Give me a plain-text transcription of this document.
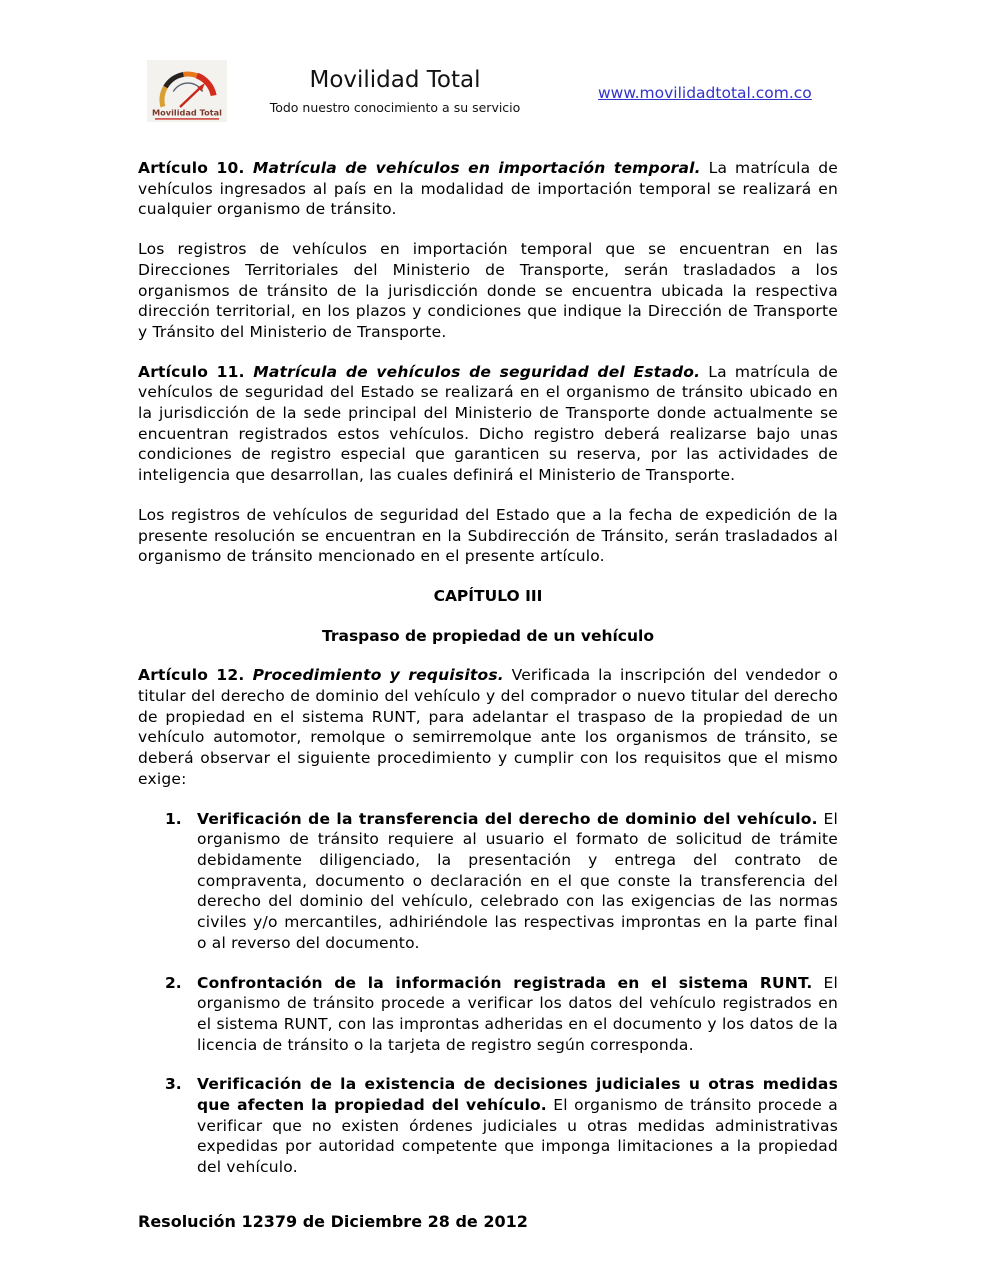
Movilidad Total
Movilidad Total
Todo nuestro conocimiento a su servicio
www.movilidadtotal.com.co

Artículo 10. Matrícula de vehículos en importación temporal. La matrícula de vehículos ingresados al país en la modalidad de importación temporal se realizará en cualquier organismo de tránsito.

Los registros de vehículos en importación temporal que se encuentran en las Direcciones Territoriales del Ministerio de Transporte, serán trasladados a los organismos de tránsito de la jurisdicción donde se encuentra ubicada la respectiva dirección territorial, en los plazos y condiciones que indique la Dirección de Transporte y Tránsito del Ministerio de Transporte.

Artículo 11. Matrícula de vehículos de seguridad del Estado. La matrícula de vehículos de seguridad del Estado se realizará en el organismo de tránsito ubicado en la jurisdicción de la sede principal del Ministerio de Transporte donde actualmente se encuentran registrados estos vehículos. Dicho registro deberá realizarse bajo unas condiciones de registro especial que garanticen su reserva, por las actividades de inteligencia que desarrollan, las cuales definirá el Ministerio de Transporte.

Los registros de vehículos de seguridad del Estado que a la fecha de expedición de la presente resolución se encuentran en la Subdirección de Tránsito, serán trasladados al organismo de tránsito mencionado en el presente artículo.

CAPÍTULO III
Traspaso de propiedad de un vehículo

Artículo 12. Procedimiento y requisitos. Verificada la inscripción del vendedor o titular del derecho de dominio del vehículo y del comprador o nuevo titular del derecho de propiedad en el sistema RUNT, para adelantar el traspaso de la propiedad de un vehículo automotor, remolque o semirremolque ante los organismos de tránsito, se deberá observar el siguiente procedimiento y cumplir con los requisitos que el mismo exige:

1. Verificación de la transferencia del derecho de dominio del vehículo. El organismo de tránsito requiere al usuario el formato de solicitud de trámite debidamente diligenciado, la presentación y entrega del contrato de compraventa, documento o declaración en el que conste la transferencia del derecho del dominio del vehículo, celebrado con las exigencias de las normas civiles y/o mercantiles, adhiriéndole las respectivas improntas en la parte final o al reverso del documento.
2. Confrontación de la información registrada en el sistema RUNT. El organismo de tránsito procede a verificar los datos del vehículo registrados en el sistema RUNT, con las improntas adheridas en el documento y los datos de la licencia de tránsito o la tarjeta de registro según corresponda.
3. Verificación de la existencia de decisiones judiciales u otras medidas que afecten la propiedad del vehículo. El organismo de tránsito procede a verificar que no existen órdenes judiciales u otras medidas administrativas expedidas por autoridad competente que imponga limitaciones a la propiedad del vehículo.
Resolución 12379 de Diciembre 28 de 2012
